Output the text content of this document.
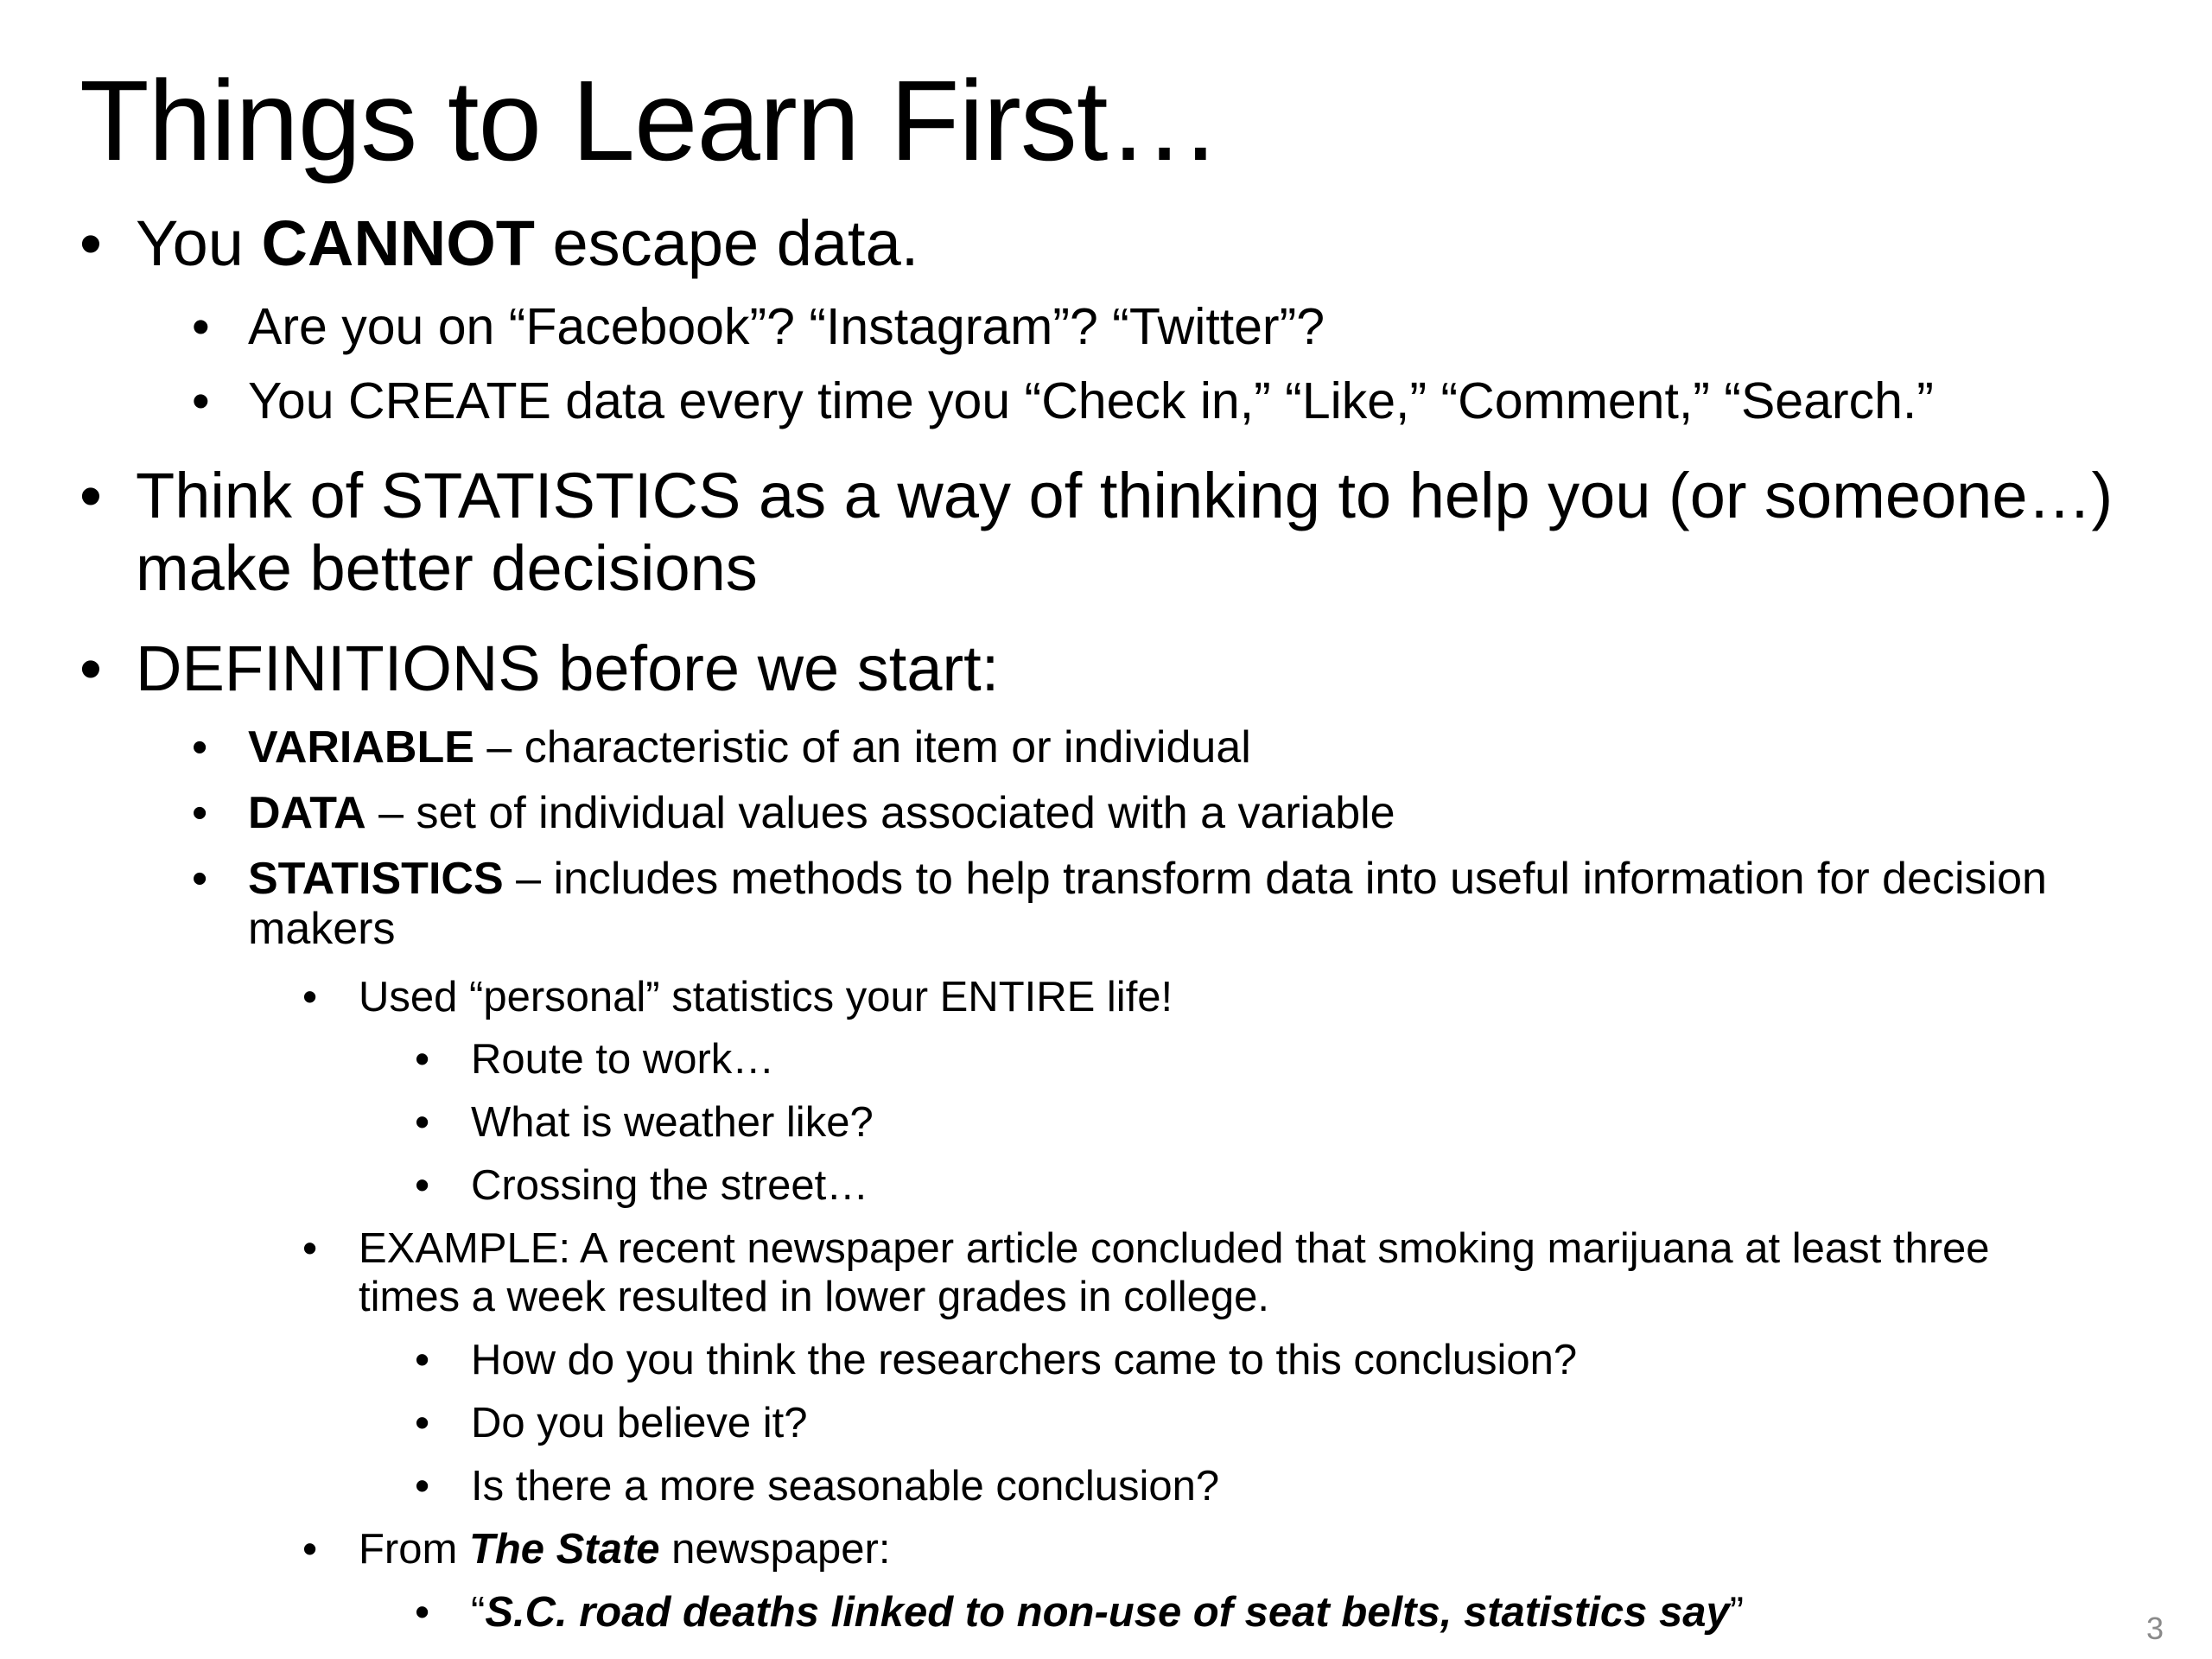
Things to Learn First…
• You CANNOT escape data.
• Are you on “Facebook”? “Instagram”? “Twitter”?
• You CREATE data every time you “Check in,” “Like,” “Comment,” “Search.”
• Think of STATISTICS as a way of thinking to help you (or someone…)
make better decisions
• DEFINITIONS before we start:
• VARIABLE – characteristic of an item or individual
• DATA – set of individual values associated with a variable
• STATISTICS – includes methods to help transform data into useful information for decision
makers
• Used “personal” statistics your ENTIRE life!
• Route to work…
• What is weather like?
• Crossing the street…
• EXAMPLE: A recent newspaper article concluded that smoking marijuana at least three
times a week resulted in lower grades in college.
• How do you think the researchers came to this conclusion?
• Do you believe it?
• Is there a more seasonable conclusion?
• From The State newspaper:
• “S.C. road deaths linked to non-use of seat belts, statistics say”	3
